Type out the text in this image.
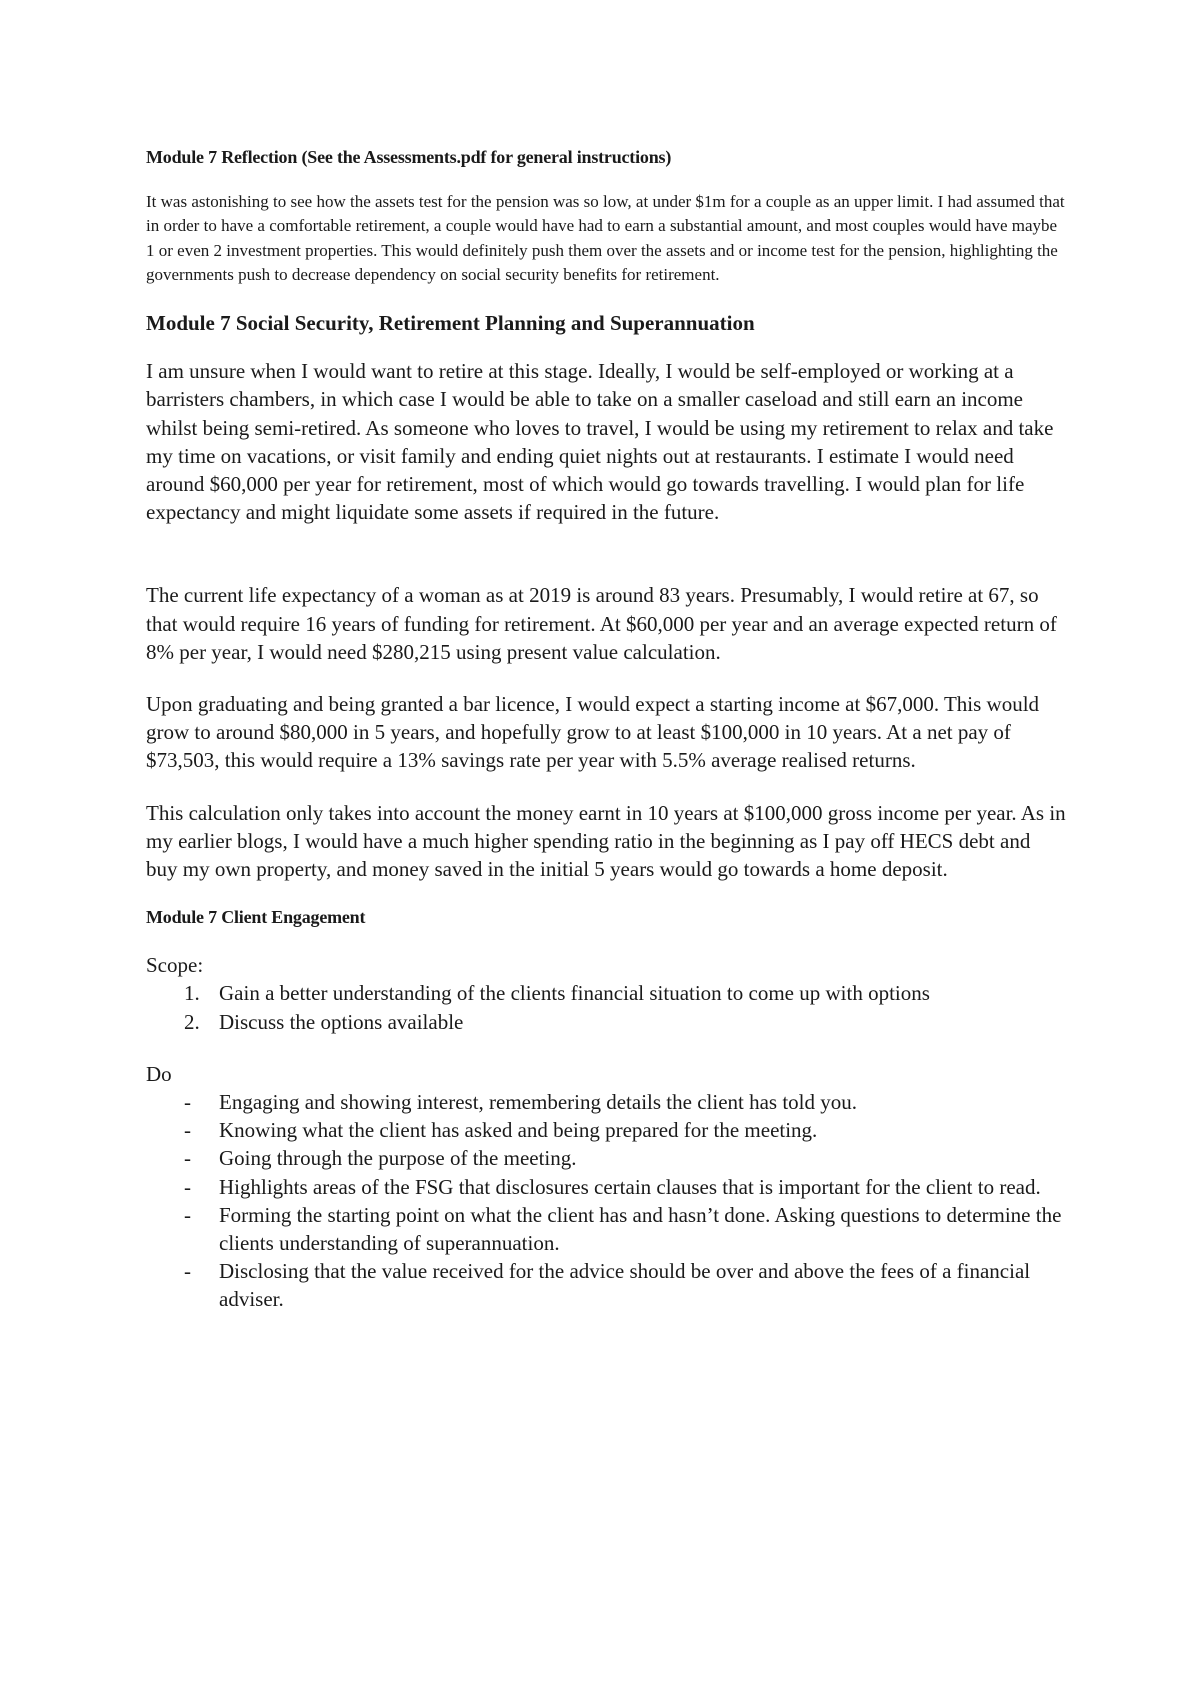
Module 7 Reflection (See the Assessments.pdf for general instructions)

It was astonishing to see how the assets test for the pension was so low, at under $1m for a couple as an upper limit. I had assumed that in order to have a comfortable retirement, a couple would have had to earn a substantial amount, and most couples would have maybe 1 or even 2 investment properties. This would definitely push them over the assets and or income test for the pension, highlighting the governments push to decrease dependency on social security benefits for retirement.

Module 7 Social Security, Retirement Planning and Superannuation

I am unsure when I would want to retire at this stage. Ideally, I would be self-employed or working at a barristers chambers, in which case I would be able to take on a smaller caseload and still earn an income whilst being semi-retired. As someone who loves to travel, I would be using my retirement to relax and take my time on vacations, or visit family and ending quiet nights out at restaurants. I estimate I would need around $60,000 per year for retirement, most of which would go towards travelling. I would plan for life expectancy and might liquidate some assets if required in the future.

The current life expectancy of a woman as at 2019 is around 83 years. Presumably, I would retire at 67, so that would require 16 years of funding for retirement. At $60,000 per year and an average expected return of 8% per year, I would need $280,215 using present value calculation.

Upon graduating and being granted a bar licence, I would expect a starting income at $67,000. This would grow to around $80,000 in 5 years, and hopefully grow to at least $100,000 in 10 years. At a net pay of $73,503, this would require a 13% savings rate per year with 5.5% average realised returns.

This calculation only takes into account the money earnt in 10 years at $100,000 gross income per year. As in my earlier blogs, I would have a much higher spending ratio in the beginning as I pay off HECS debt and buy my own property, and money saved in the initial 5 years would go towards a home deposit.

Module 7 Client Engagement

Scope:

1. Gain a better understanding of the clients financial situation to come up with options
2. Discuss the options available

Do

- Engaging and showing interest, remembering details the client has told you.
- Knowing what the client has asked and being prepared for the meeting.
- Going through the purpose of the meeting.
- Highlights areas of the FSG that disclosures certain clauses that is important for the client to read.
- Forming the starting point on what the client has and hasn’t done. Asking questions to determine the clients understanding of superannuation.
- Disclosing that the value received for the advice should be over and above the fees of a financial adviser.
